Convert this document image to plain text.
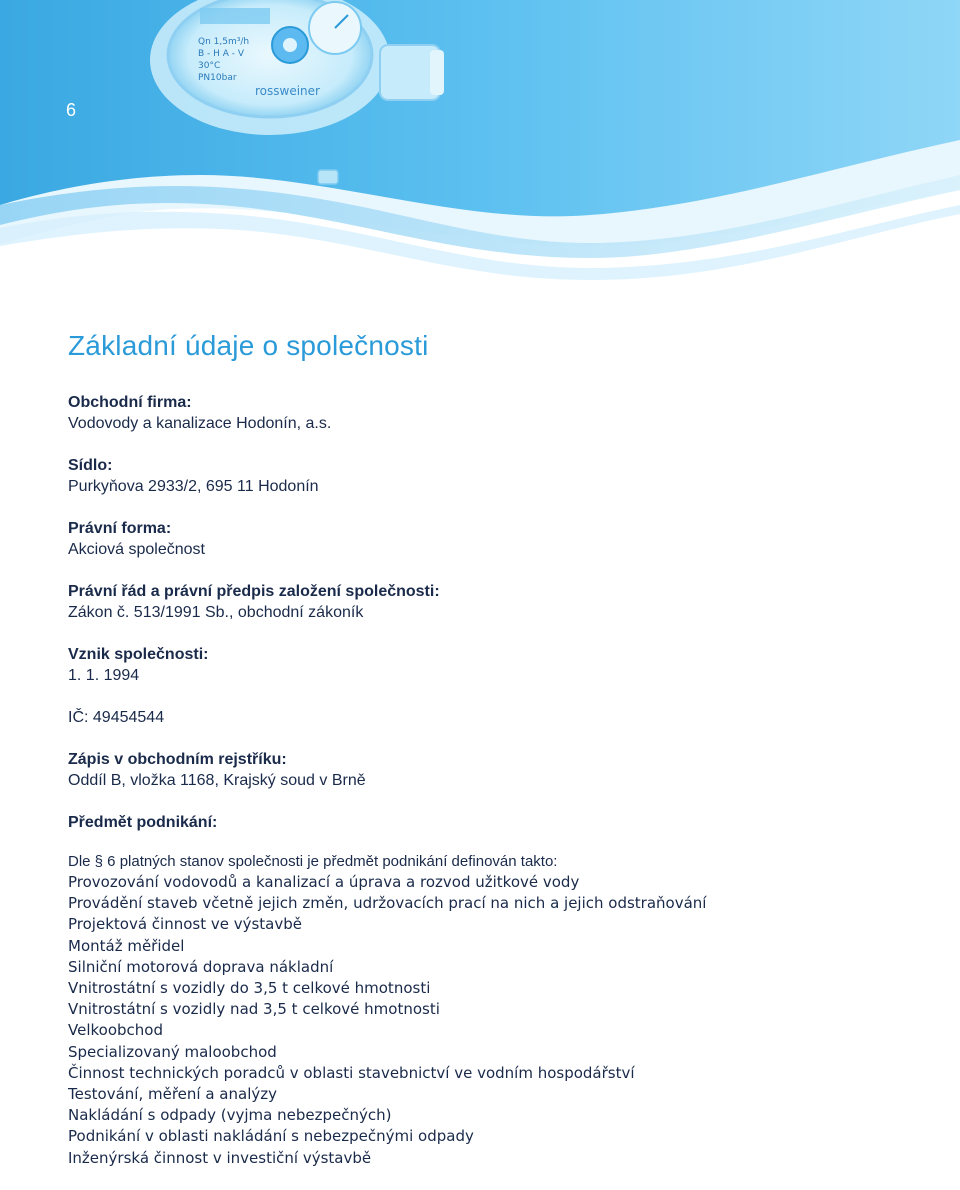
Qn 1,5m³/h
B - H A - V
30°C
PN10bar
rossweiner
6
Základní údaje o společnosti
Obchodní firma:
Vodovody a kanalizace Hodonín, a.s.
Sídlo:
Purkyňova 2933/2, 695 11 Hodonín
Právní forma:
Akciová společnost
Právní řád a právní předpis založení společnosti:
Zákon č. 513/1991 Sb., obchodní zákoník
Vznik společnosti:
1. 1. 1994
IČ: 49454544
Zápis v obchodním rejstříku:
Oddíl B, vložka 1168, Krajský soud v Brně
Předmět podnikání:
Dle § 6 platných stanov společnosti je předmět podnikání definován takto:
Provozování vodovodů a kanalizací a úprava a rozvod užitkové vody
Provádění staveb včetně jejich změn, udržovacích prací na nich a jejich odstraňování
Projektová činnost ve výstavbě
Montáž měřidel
Silniční motorová doprava nákladní
Vnitrostátní s vozidly do 3,5 t celkové hmotnosti
Vnitrostátní s vozidly nad 3,5 t celkové hmotnosti
Velkoobchod
Specializovaný maloobchod
Činnost technických poradců v oblasti stavebnictví ve vodním hospodářství
Testování, měření a analýzy
Nakládání s odpady (vyjma nebezpečných)
Podnikání v oblasti nakládání s nebezpečnými odpady
Inženýrská činnost v investiční výstavbě
